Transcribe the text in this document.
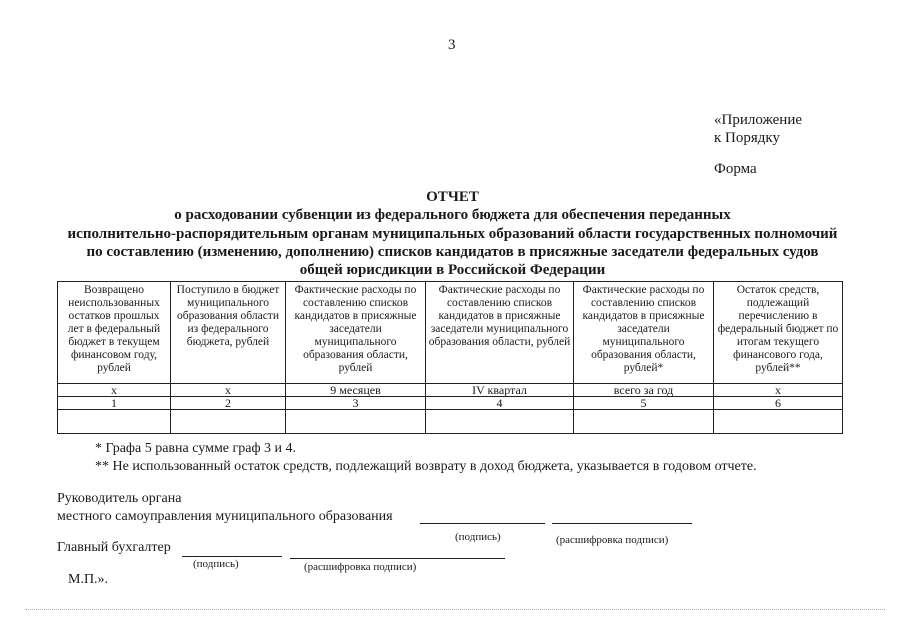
3
«Приложение
к Порядку
Форма
ОТЧЕТ
о расходовании субвенции из федерального бюджета для обеспечения переданных
исполнительно-распорядительным органам муниципальных образований области государственных полномочий
по составлению (изменению, дополнению) списков кандидатов в присяжные заседатели федеральных судов
общей юрисдикции в Российской Федерации
Возвращено неиспользованных остатков прошлых лет в федеральный бюджет в текущем финансовом году, рублей	Поступило в бюджет муниципального образования области из федерального бюджета, рублей	Фактические расходы по составлению списков кандидатов в присяжные заседатели муниципального образования области, рублей	Фактические расходы по составлению списков кандидатов в присяжные заседатели муниципального образования области, рублей	Фактические расходы по составлению списков кандидатов в присяжные заседатели муниципального образования области, рублей*	Остаток средств, подлежащий перечислению в федеральный бюджет по итогам текущего финансового года, рублей**
x	x	9 месяцев	IV квартал	всего за год	x
1	2	3	4	5	6

* Графа 5 равна сумме граф 3 и 4.
** Не использованный остаток средств, подлежащий возврату в доход бюджета, указывается в годовом отчете.
Руководитель органа
местного самоуправления муниципального образования
(подпись)	(расшифровка подписи)
Главный бухгалтер
(подпись)	(расшифровка подписи)
М.П.».
